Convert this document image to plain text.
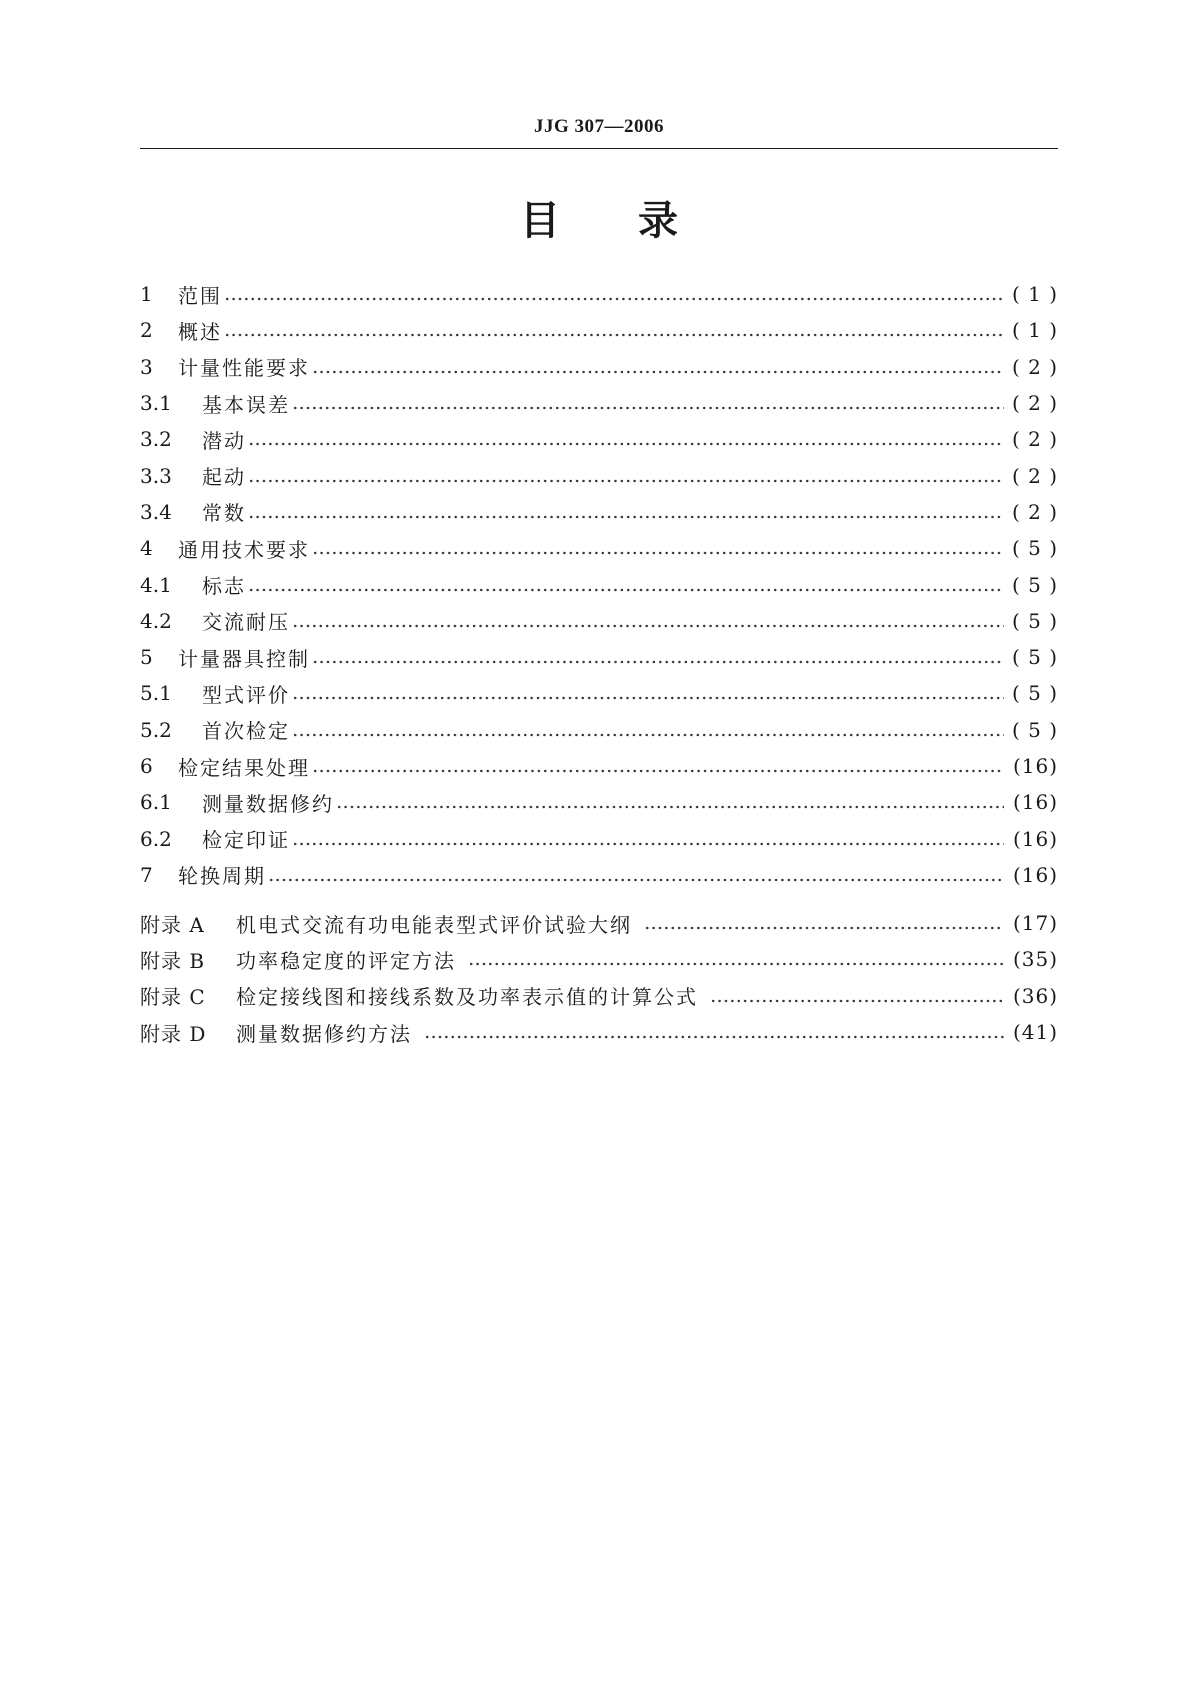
JJG 307—2006
目录
1	范围	( 1 )
2	概述	( 1 )
3	计量性能要求	( 2 )
3.1	基本误差	( 2 )
3.2	潜动	( 2 )
3.3	起动	( 2 )
3.4	常数	( 2 )
4	通用技术要求	( 5 )
4.1	标志	( 5 )
4.2	交流耐压	( 5 )
5	计量器具控制	( 5 )
5.1	型式评价	( 5 )
5.2	首次检定	( 5 )
6	检定结果处理	(16)
6.1	测量数据修约	(16)
6.2	检定印证	(16)
7	轮换周期	(16)
附录 A	机电式交流有功电能表型式评价试验大纲	(17)
附录 B	功率稳定度的评定方法	(35)
附录 C	检定接线图和接线系数及功率表示值的计算公式	(36)
附录 D	测量数据修约方法	(41)
